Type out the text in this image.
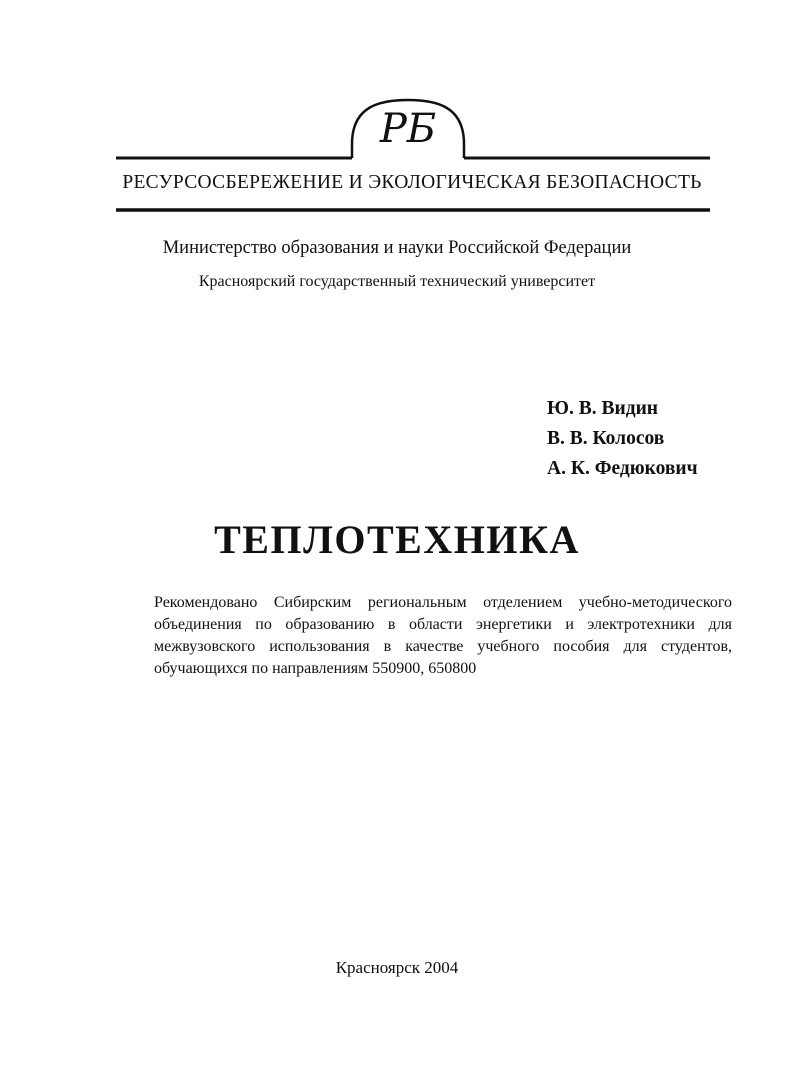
РБ
РЕСУРСОСБЕРЕЖЕНИЕ И ЭКОЛОГИЧЕСКАЯ БЕЗОПАСНОСТЬ
Министерство образования и науки Российской Федерации
Красноярский государственный технический университет
Ю. В. Видин
В. В. Колосов
А. К. Федюкович
ТЕПЛОТЕХНИКА
Рекомендовано Сибирским региональным отделением учебно-методического объединения по образованию в области энергетики и электротехники для межвузовского использования в качестве учебного пособия для студентов, обучающихся по направлениям 550900, 650800
Красноярск 2004
